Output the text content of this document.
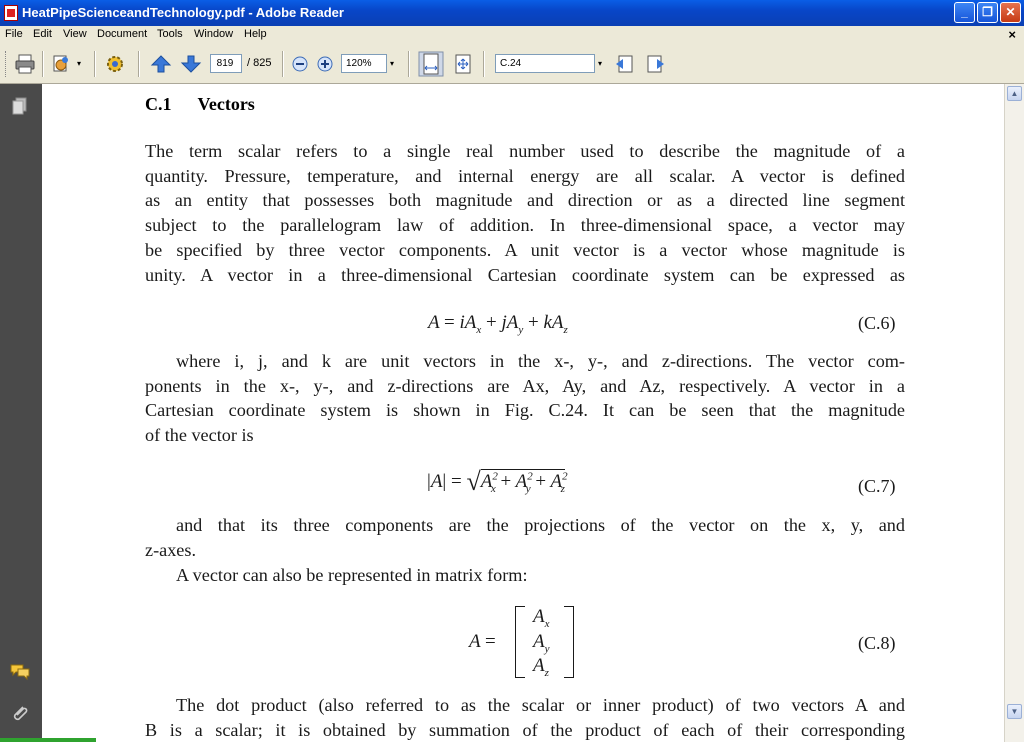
HeatPipeScienceandTechnology.pdf - Adobe Reader	_	❐	✕
File Edit View Document Tools Window Help	×
▾
819	/ 825
120%	▾
C.24	▾
C.1 Vectors
The term scalar refers to a single real number used to describe the magnitude of a
quantity. Pressure, temperature, and internal energy are all scalar. A vector is defined
as an entity that possesses both magnitude and direction or as a directed line segment
subject to the parallelogram law of addition. In three-dimensional space, a vector may
be specified by three vector components. A unit vector is a vector whose magnitude is
unity. A vector in a three-dimensional Cartesian coordinate system can be expressed as
$A = iA_x + jA_y + kA_z$	(C.6)
where i, j, and k are unit vectors in the x-, y-, and z-directions. The vector com-
ponents in the x-, y-, and z-directions are Ax, Ay, and Az, respectively. A vector in a
Cartesian coordinate system is shown in Fig. C.24. It can be seen that the magnitude
of the vector is
$|A| = √A^2_x + A^2_y + A^2_z$	(C.7)
and that its three components are the projections of the vector on the x, y, and
z-axes.
A vector can also be represented in matrix form:
A =
$A_x$
$A_y$
$A_z$
(C.8)
The dot product (also referred to as the scalar or inner product) of two vectors A and
B is a scalar; it is obtained by summation of the product of each of their corresponding
▲
▼
